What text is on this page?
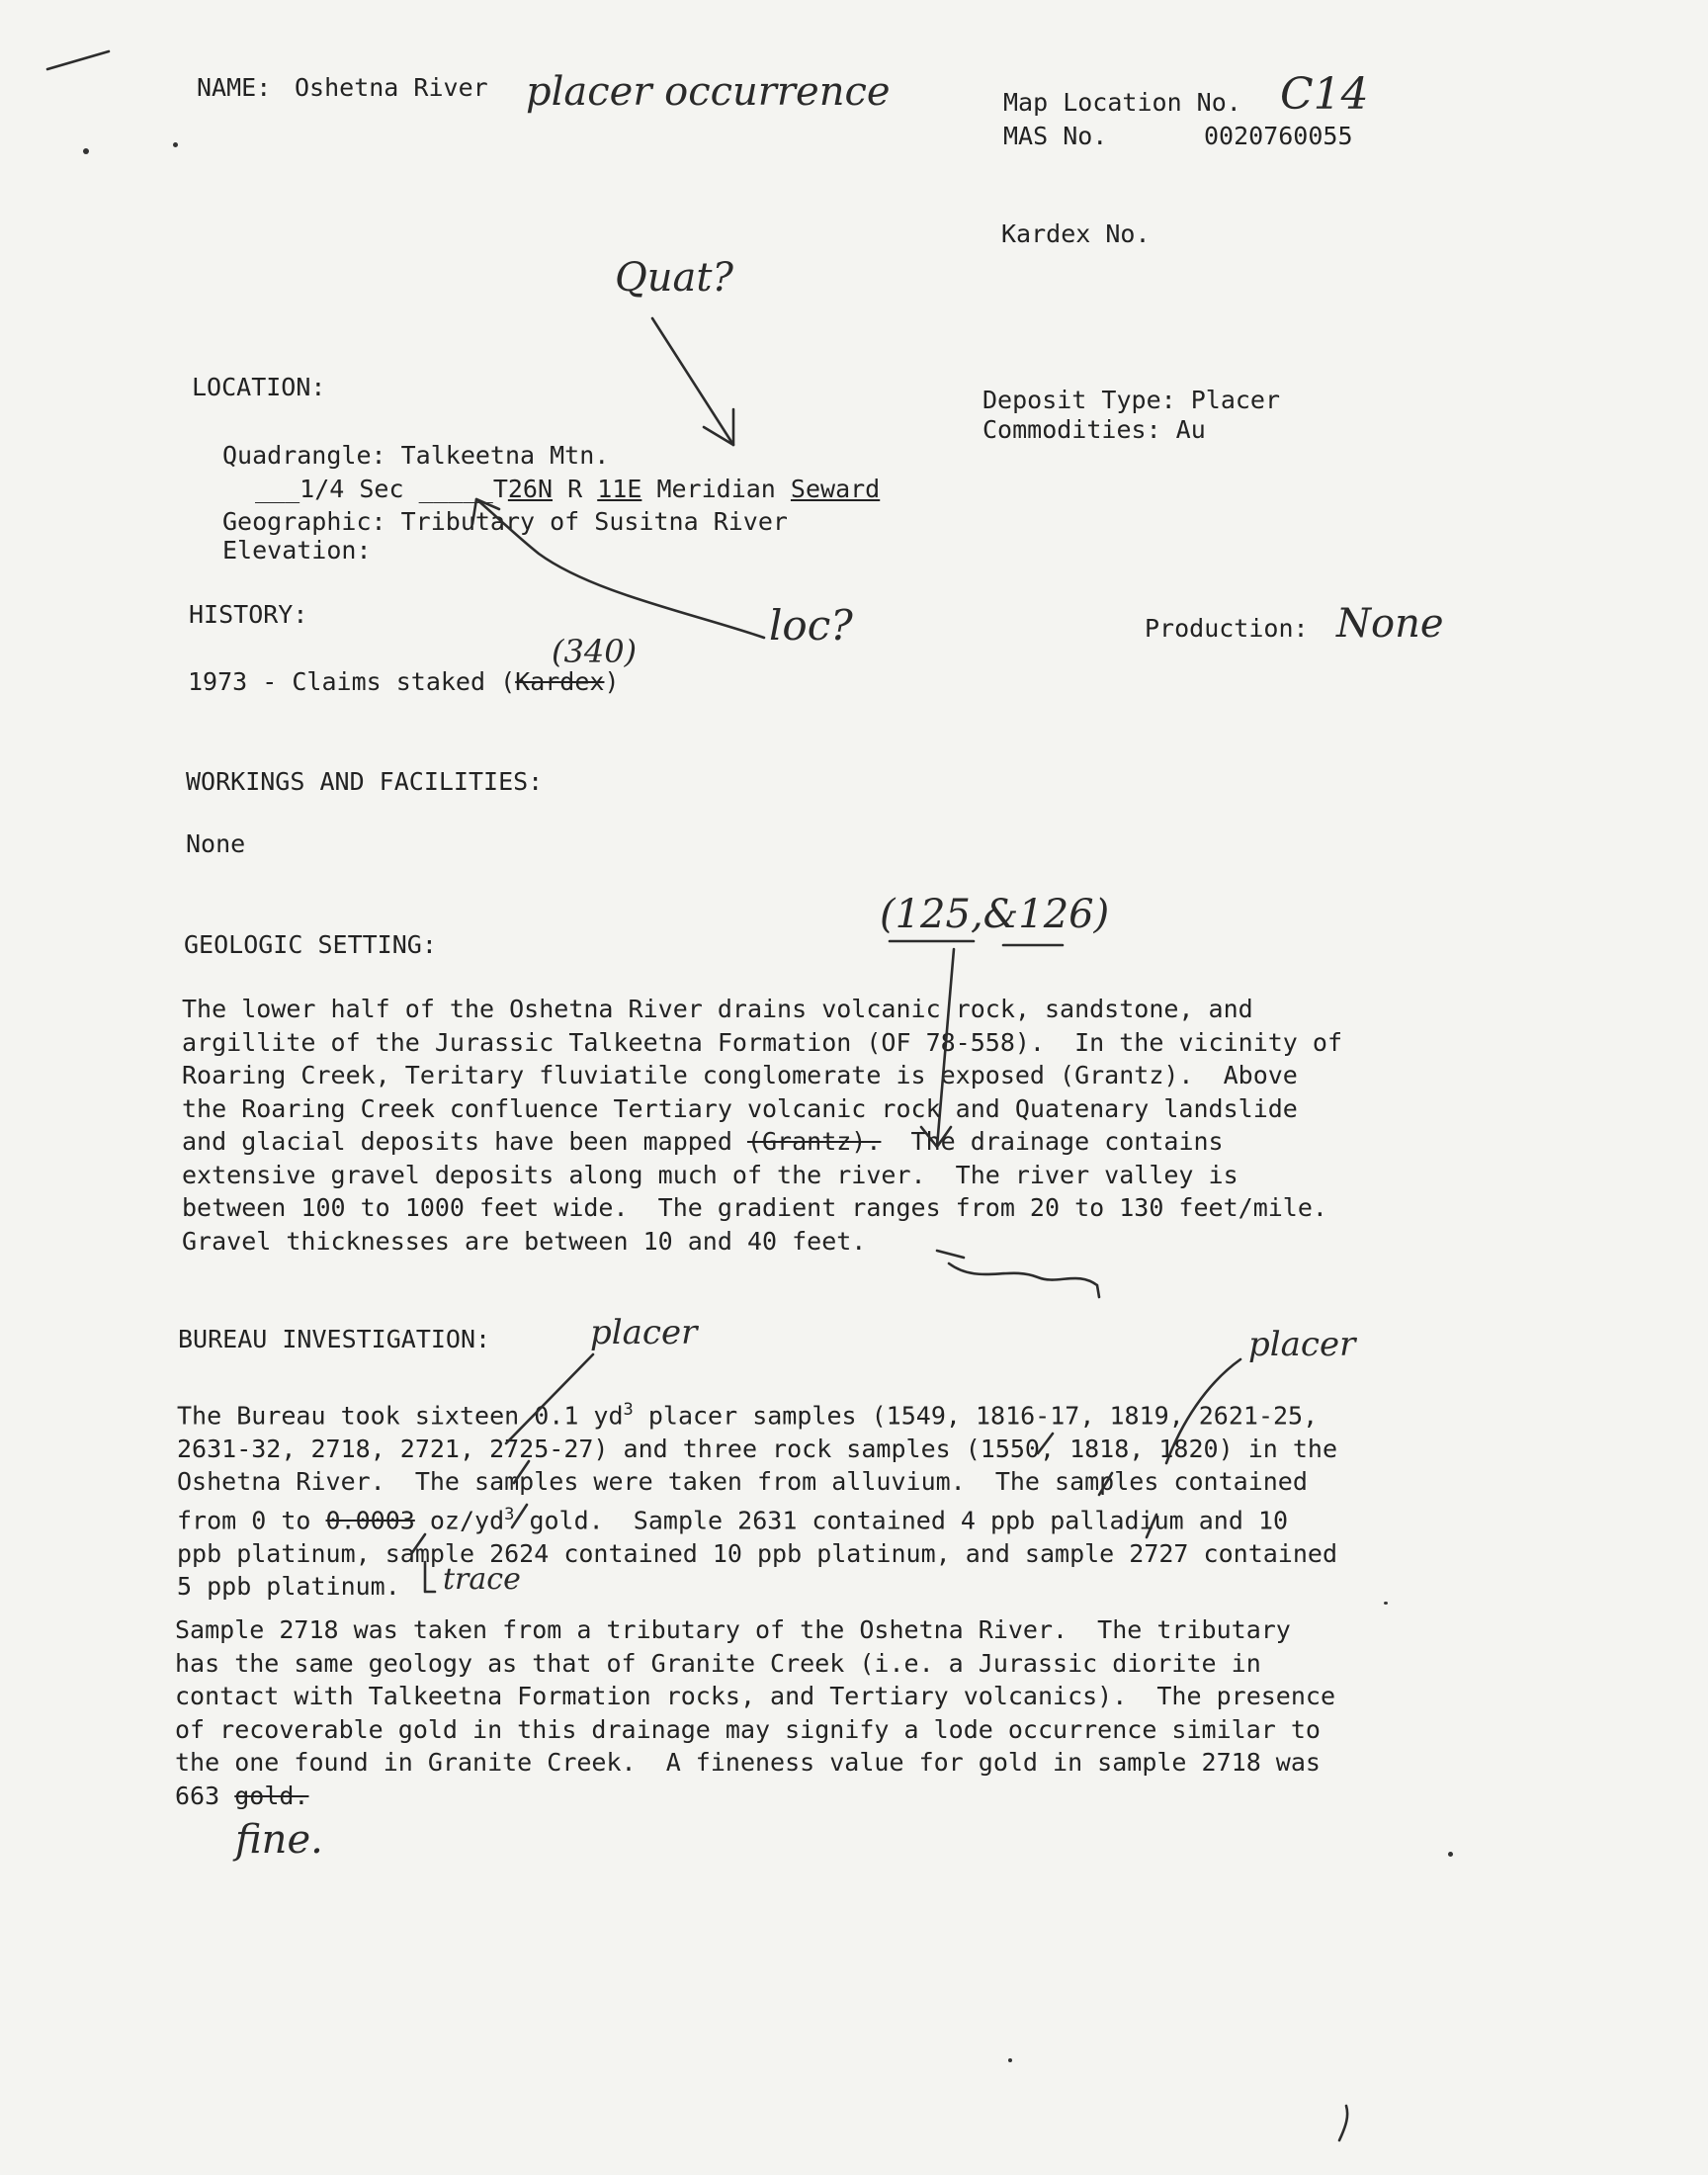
NAME: Oshetna River placer occurrence	Map Location No. C14
MAS No.	0020760055
Kardex No.
Quat?
LOCATION:
Quadrangle: Talkeetna Mtn.
___1/4 Sec _____T26N R 11E Meridian Seward
Geographic: Tributary of Susitna River
Elevation:
Deposit Type: Placer
Commodities: Au
loc?
HISTORY:	Production: None
(340)
1973 - Claims staked (Kardex)
WORKINGS AND FACILITIES:
None
(125,&126)
GEOLOGIC SETTING:
The lower half of the Oshetna River drains volcanic rock, sandstone, and
argillite of the Jurassic Talkeetna Formation (OF 78-558).  In the vicinity of
Roaring Creek, Teritary fluviatile conglomerate is exposed (Grantz).  Above
the Roaring Creek confluence Tertiary volcanic rock and Quatenary landslide
and glacial deposits have been mapped (Grantz).  The drainage contains
extensive gravel deposits along much of the river.  The river valley is
between 100 to 1000 feet wide.  The gradient ranges from 20 to 130 feet/mile.
Gravel thicknesses are between 10 and 40 feet.
BUREAU INVESTIGATION:	placer	placer
The Bureau took sixteen 0.1 $yd^3$ placer samples (1549, 1816-17, 1819, 2621-25,
2631-32, 2718, 2721, 2725-27) and three rock samples (1550, 1818, 1820) in the
Oshetna River.  The samples were taken from alluvium.  The samples contained
from 0 to 0.0003 $oz/yd^3$ gold.  Sample 2631 contained 4 ppb palladium and 10
ppb platinum, sample 2624 contained 10 ppb platinum, and sample 2727 contained
5 ppb platinum.	trace
Sample 2718 was taken from a tributary of the Oshetna River.  The tributary
has the same geology as that of Granite Creek (i.e. a Jurassic diorite in
contact with Talkeetna Formation rocks, and Tertiary volcanics).  The presence
of recoverable gold in this drainage may signify a lode occurrence similar to
the one found in Granite Creek.  A fineness value for gold in sample 2718 was
663 gold.
fine.
